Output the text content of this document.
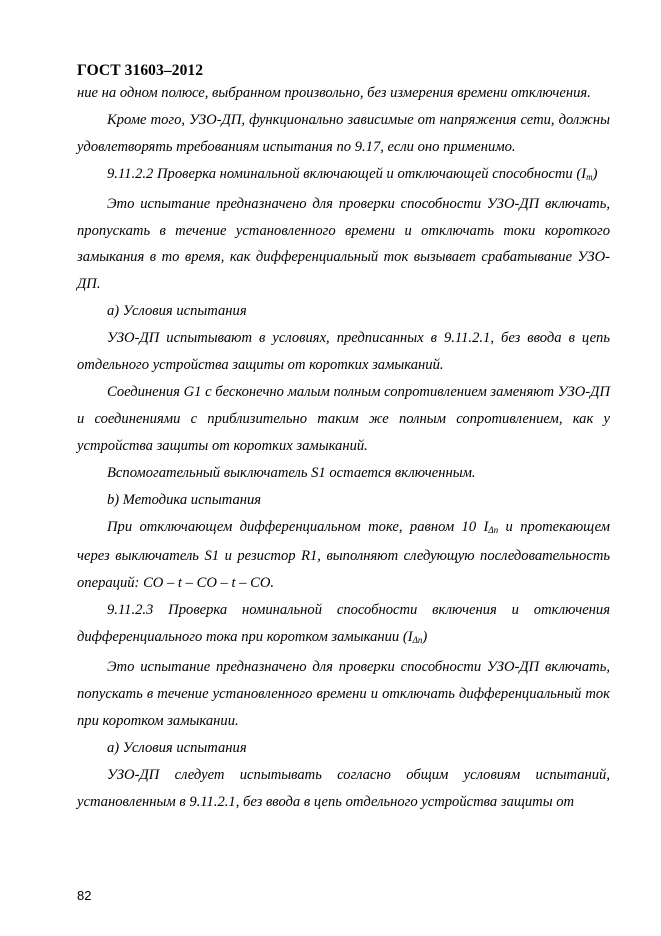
ГОСТ 31603–2012

ние на одном полюсе, выбранном произвольно, без измерения времени отключения.

Кроме того, УЗО-ДП, функционально зависимые от напряжения сети, должны удовлетворять требованиям испытания по 9.17, если оно применимо.

9.11.2.2 Проверка номинальной включающей и отключающей способности $(I_m)$

Это испытание предназначено для проверки способности УЗО-ДП включать, пропускать в течение установленного времени и отключать токи короткого замыкания в то время, как дифференциальный ток вызывает срабатывание УЗО-ДП.

a) Условия испытания

УЗО-ДП испытывают в условиях, предписанных в 9.11.2.1, без ввода в цепь отдельного устройства защиты от коротких замыканий.

Соединения G1 с бесконечно малым полным сопротивлением заменяют УЗО-ДП и соединениями с приблизительно таким же полным сопротивлением, как у устройства защиты от коротких замыканий.

Вспомогательный выключатель S1 остается включенным.

b) Методика испытания

При отключающем дифференциальном токе, равном 10 $I_{\Delta n}$ и протекающем через выключатель S1 и резистор R1, выполняют следующую последовательность операций: CO – t – CO – t – CO.

9.11.2.3 Проверка номинальной способности включения и отключения дифференциального тока при коротком замыкании $(I_{\Delta n})$

Это испытание предназначено для проверки способности УЗО-ДП включать, попускать в течение установленного времени и отключать дифференциальный ток при коротком замыкании.

a) Условия испытания

УЗО-ДП следует испытывать согласно общим условиям испытаний, установленным в 9.11.2.1, без ввода в цепь отдельного устройства защиты от

82
